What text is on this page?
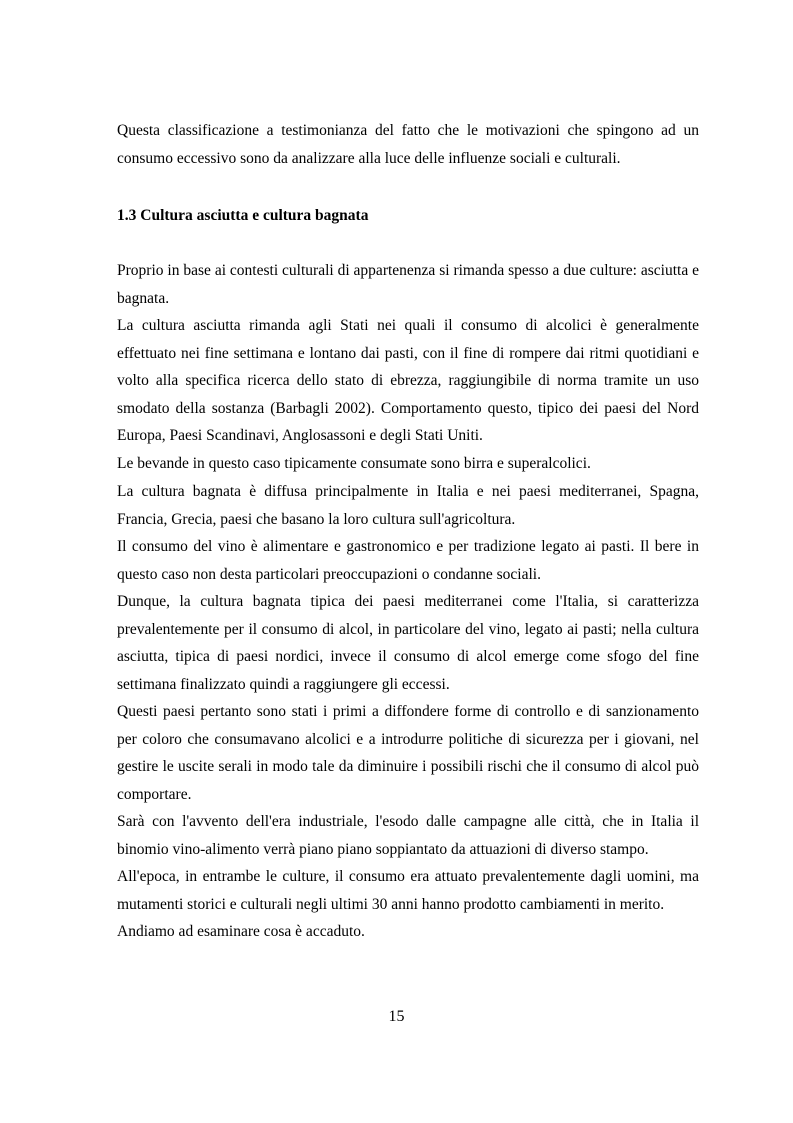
Questa classificazione a testimonianza del fatto che le motivazioni che spingono ad un consumo eccessivo sono da analizzare alla luce delle influenze sociali e culturali.

1.3 Cultura asciutta e cultura bagnata

Proprio in base ai contesti culturali di appartenenza si rimanda spesso a due culture: asciutta e bagnata.

La cultura asciutta rimanda agli Stati nei quali il consumo di alcolici è generalmente effettuato nei fine settimana e lontano dai pasti, con il fine di rompere dai ritmi quotidiani e volto alla specifica ricerca dello stato di ebrezza, raggiungibile di norma tramite un uso smodato della sostanza (Barbagli 2002). Comportamento questo, tipico dei paesi del Nord Europa, Paesi Scandinavi, Anglosassoni e degli Stati Uniti.

Le bevande in questo caso tipicamente consumate sono birra e superalcolici.

La cultura bagnata è diffusa principalmente in Italia e nei paesi mediterranei, Spagna, Francia, Grecia, paesi che basano la loro cultura sull'agricoltura.

Il consumo del vino è alimentare e gastronomico e per tradizione legato ai pasti. Il bere in questo caso non desta particolari preoccupazioni o condanne sociali.

Dunque, la cultura bagnata tipica dei paesi mediterranei come l'Italia, si caratterizza prevalentemente per il consumo di alcol, in particolare del vino, legato ai pasti; nella cultura asciutta, tipica di paesi nordici, invece il consumo di alcol emerge come sfogo del fine settimana finalizzato quindi a raggiungere gli eccessi.

Questi paesi pertanto sono stati i primi a diffondere forme di controllo e di sanzionamento per coloro che consumavano alcolici e a introdurre politiche di sicurezza per i giovani, nel gestire le uscite serali in modo tale da diminuire i possibili rischi che il consumo di alcol può comportare.

Sarà con l'avvento dell'era industriale, l'esodo dalle campagne alle città, che in Italia il binomio vino-alimento verrà piano piano soppiantato da attuazioni di diverso stampo.

All'epoca, in entrambe le culture, il consumo era attuato prevalentemente dagli uomini, ma mutamenti storici e culturali negli ultimi 30 anni hanno prodotto cambiamenti in merito.

Andiamo ad esaminare cosa è accaduto.

15
